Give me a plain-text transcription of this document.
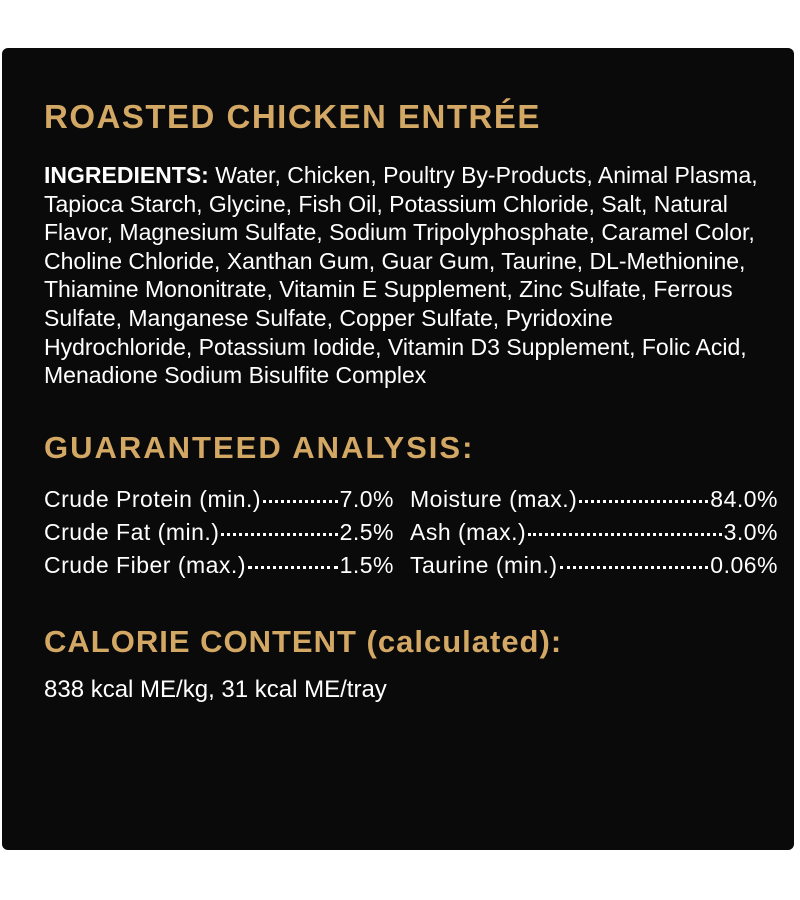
ROASTED CHICKEN ENTRÉE

INGREDIENTS: Water, Chicken, Poultry By-Products, Animal Plasma, Tapioca Starch, Glycine, Fish Oil, Potassium Chloride, Salt, Natural Flavor, Magnesium Sulfate, Sodium Tripolyphosphate, Caramel Color, Choline Chloride, Xanthan Gum, Guar Gum, Taurine, DL-Methionine, Thiamine Mononitrate, Vitamin E Supplement, Zinc Sulfate, Ferrous Sulfate, Manganese Sulfate, Copper Sulfate, Pyridoxine Hydrochloride, Potassium Iodide, Vitamin D3 Supplement, Folic Acid, Menadione Sodium Bisulfite Complex

GUARANTEED ANALYSIS:
Crude Protein (min.)	7.0%
Crude Fat (min.)	2.5%
Crude Fiber (max.)	1.5%
Moisture (max.)	84.0%
Ash (max.)	3.0%
Taurine (min.)	0.06%
CALORIE CONTENT (calculated):

838 kcal ME/kg, 31 kcal ME/tray
